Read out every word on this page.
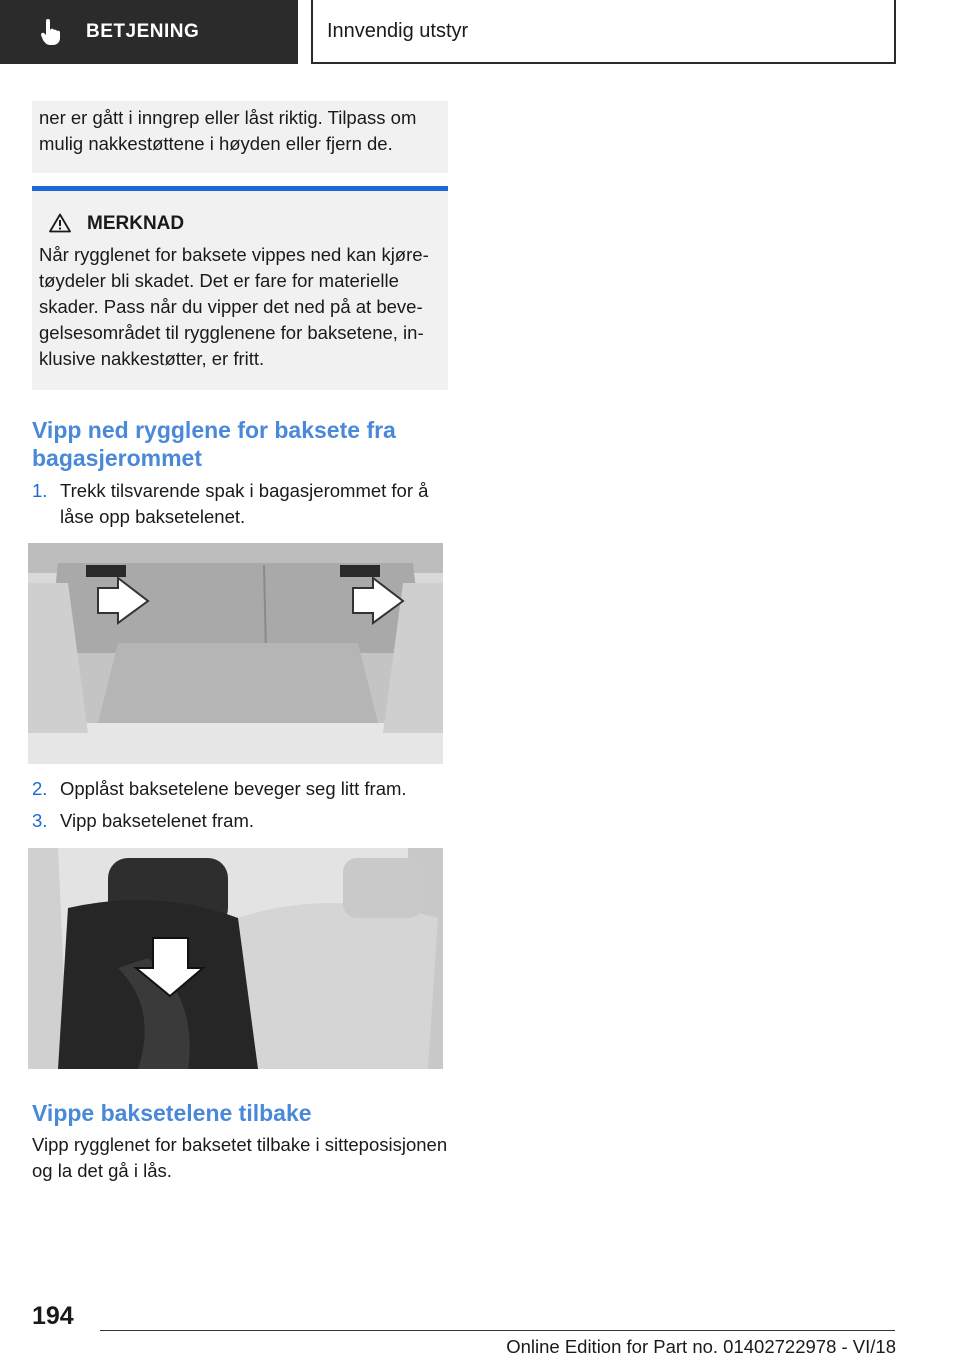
BETJENING	Innvendig utstyr

ner er gått i inngrep eller låst riktig. Tilpass om mulig nakkestøttene i høyden eller fjern de.

MERKNAD

Når rygglenet for baksete vippes ned kan kjøretøydeler bli skadet. Det er fare for materielle skader. Pass når du vipper det ned på at bevegelsesområdet til rygglenene for baksetene, inklusive nakkestøtter, er fritt.

Vipp ned rygglene for baksete fra bagasjerommet
1. Trekk tilsvarende spak i bagasjerommet for å låse opp baksetelenet.
2. Opplåst baksetelene beveger seg litt fram.
3. Vipp baksetelenet fram.
Vippe baksetelene tilbake

Vipp rygglenet for baksetet tilbake i sitteposisjonen og la det gå i lås.

194
Online Edition for Part no. 01402722978 - VI/18
